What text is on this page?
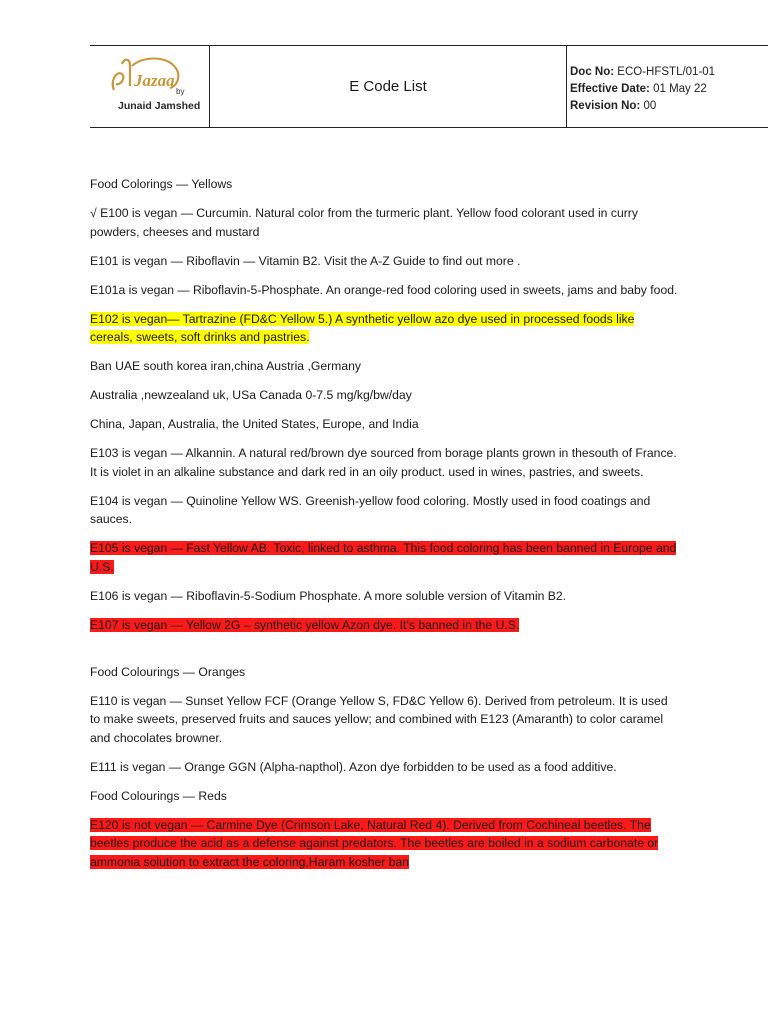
Jazaa
by
Junaid Jamshed
E Code List
Doc No: ECO-HFSTL/01-01
Effective Date: 01 May 22
Revision No: 00

Food Colorings — Yellows

√ E100 is vegan — Curcumin. Natural color from the turmeric plant. Yellow food colorant used in curry powders, cheeses and mustard

E101 is vegan — Riboflavin — Vitamin B2. Visit the A-Z Guide to find out more .

E101a is vegan — Riboflavin-5-Phosphate. An orange-red food coloring used in sweets, jams and baby food.

E102 is vegan— Tartrazine (FD&C Yellow 5.) A synthetic yellow azo dye used in processed foods like cereals, sweets, soft drinks and pastries.

Ban UAE south korea iran,china Austria ,Germany

Australia ,newzealand uk, USa Canada 0-7.5 mg/kg/bw/day

China, Japan, Australia, the United States, Europe, and India

E103 is vegan — Alkannin. A natural red/brown dye sourced from borage plants grown in thesouth of France. It is violet in an alkaline substance and dark red in an oily product. used in wines, pastries, and sweets.

E104 is vegan — Quinoline Yellow WS. Greenish-yellow food coloring. Mostly used in food coatings and sauces.

E105 is vegan — Fast Yellow AB. Toxic, linked to asthma. This food coloring has been banned in Europe and U.S.

E106 is vegan — Riboflavin-5-Sodium Phosphate. A more soluble version of Vitamin B2.

E107 is vegan — Yellow 2G – synthetic yellow Azon dye. It’s banned in the U.S.

Food Colourings — Oranges

E110 is vegan — Sunset Yellow FCF (Orange Yellow S, FD&C Yellow 6). Derived from petroleum. It is used to make sweets, preserved fruits and sauces yellow; and combined with E123 (Amaranth) to color caramel and chocolates browner.

E111 is vegan — Orange GGN (Alpha-napthol). Azon dye forbidden to be used as a food additive.

Food Colourings — Reds

E120 is not vegan — Carmine Dye (Crimson Lake, Natural Red 4). Derived from Cochineal beetles. The beetles produce the acid as a defense against predators. The beetles are boiled in a sodium carbonate or ammonia solution to extract the coloring,Haram kosher ban
